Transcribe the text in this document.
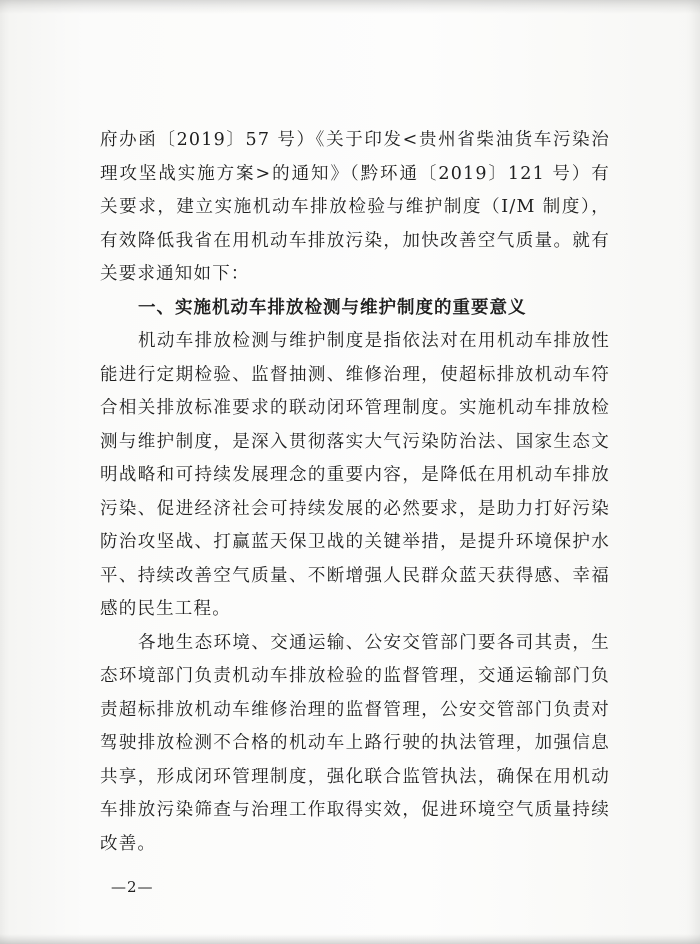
府办函〔2019〕57 号）《关于印发<贵州省柴油货车污染治理攻坚战实施方案>的通知》（黔环通〔2019〕121 号）有关要求，建立实施机动车排放检验与维护制度（I/M 制度），有效降低我省在用机动车排放污染，加快改善空气质量。就有关要求通知如下：

一、实施机动车排放检测与维护制度的重要意义

机动车排放检测与维护制度是指依法对在用机动车排放性能进行定期检验、监督抽测、维修治理，使超标排放机动车符合相关排放标准要求的联动闭环管理制度。实施机动车排放检测与维护制度，是深入贯彻落实大气污染防治法、国家生态文明战略和可持续发展理念的重要内容，是降低在用机动车排放污染、促进经济社会可持续发展的必然要求，是助力打好污染防治攻坚战、打赢蓝天保卫战的关键举措，是提升环境保护水平、持续改善空气质量、不断增强人民群众蓝天获得感、幸福感的民生工程。

各地生态环境、交通运输、公安交管部门要各司其责，生态环境部门负责机动车排放检验的监督管理，交通运输部门负责超标排放机动车维修治理的监督管理，公安交管部门负责对驾驶排放检测不合格的机动车上路行驶的执法管理，加强信息共享，形成闭环管理制度，强化联合监管执法，确保在用机动车排放污染筛查与治理工作取得实效，促进环境空气质量持续改善。

—2—
